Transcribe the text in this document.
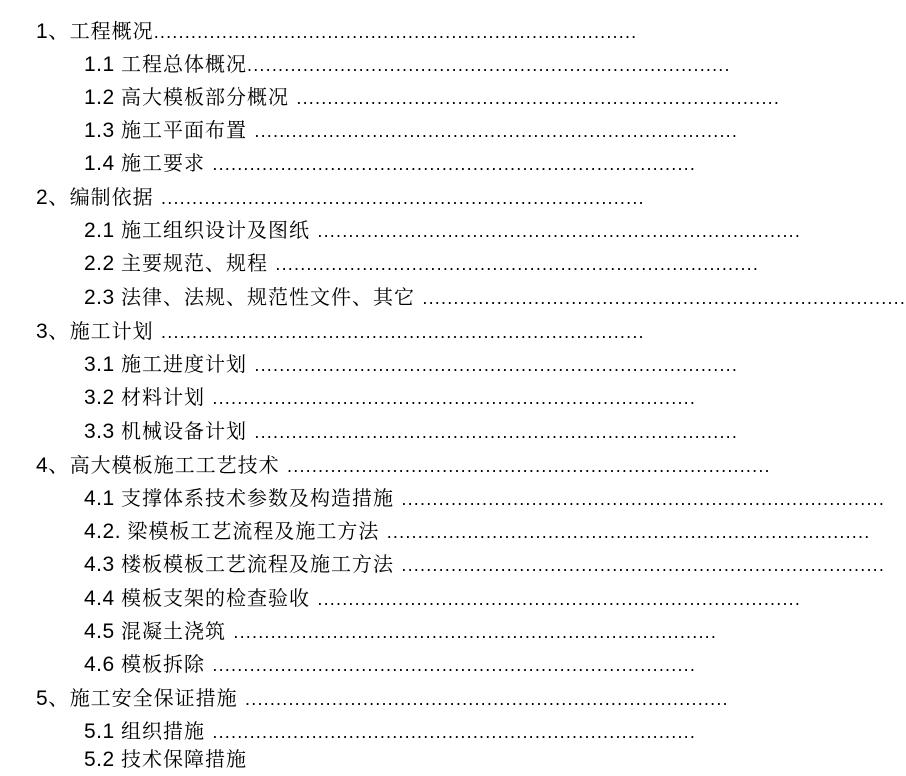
1、工程概况..............................................................................
1.1 工程总体概况..............................................................................
1.2 高大模板部分概况 ..............................................................................
1.3 施工平面布置 ..............................................................................
1.4 施工要求 ..............................................................................
2、编制依据 ..............................................................................
2.1 施工组织设计及图纸 ..............................................................................
2.2 主要规范、规程 ..............................................................................
2.3 法律、法规、规范性文件、其它 ..............................................................................
3、施工计划 ..............................................................................
3.1 施工进度计划 ..............................................................................
3.2 材料计划 ..............................................................................
3.3 机械设备计划 ..............................................................................
4、高大模板施工工艺技术 ..............................................................................
4.1 支撑体系技术参数及构造措施 ..............................................................................
4.2. 梁模板工艺流程及施工方法 ..............................................................................
4.3 楼板模板工艺流程及施工方法 ..............................................................................
4.4 模板支架的检查验收 ..............................................................................
4.5 混凝土浇筑 ..............................................................................
4.6 模板拆除 ..............................................................................
5、施工安全保证措施 ..............................................................................
5.1 组织措施 ..............................................................................
5.2 技术保障措施
